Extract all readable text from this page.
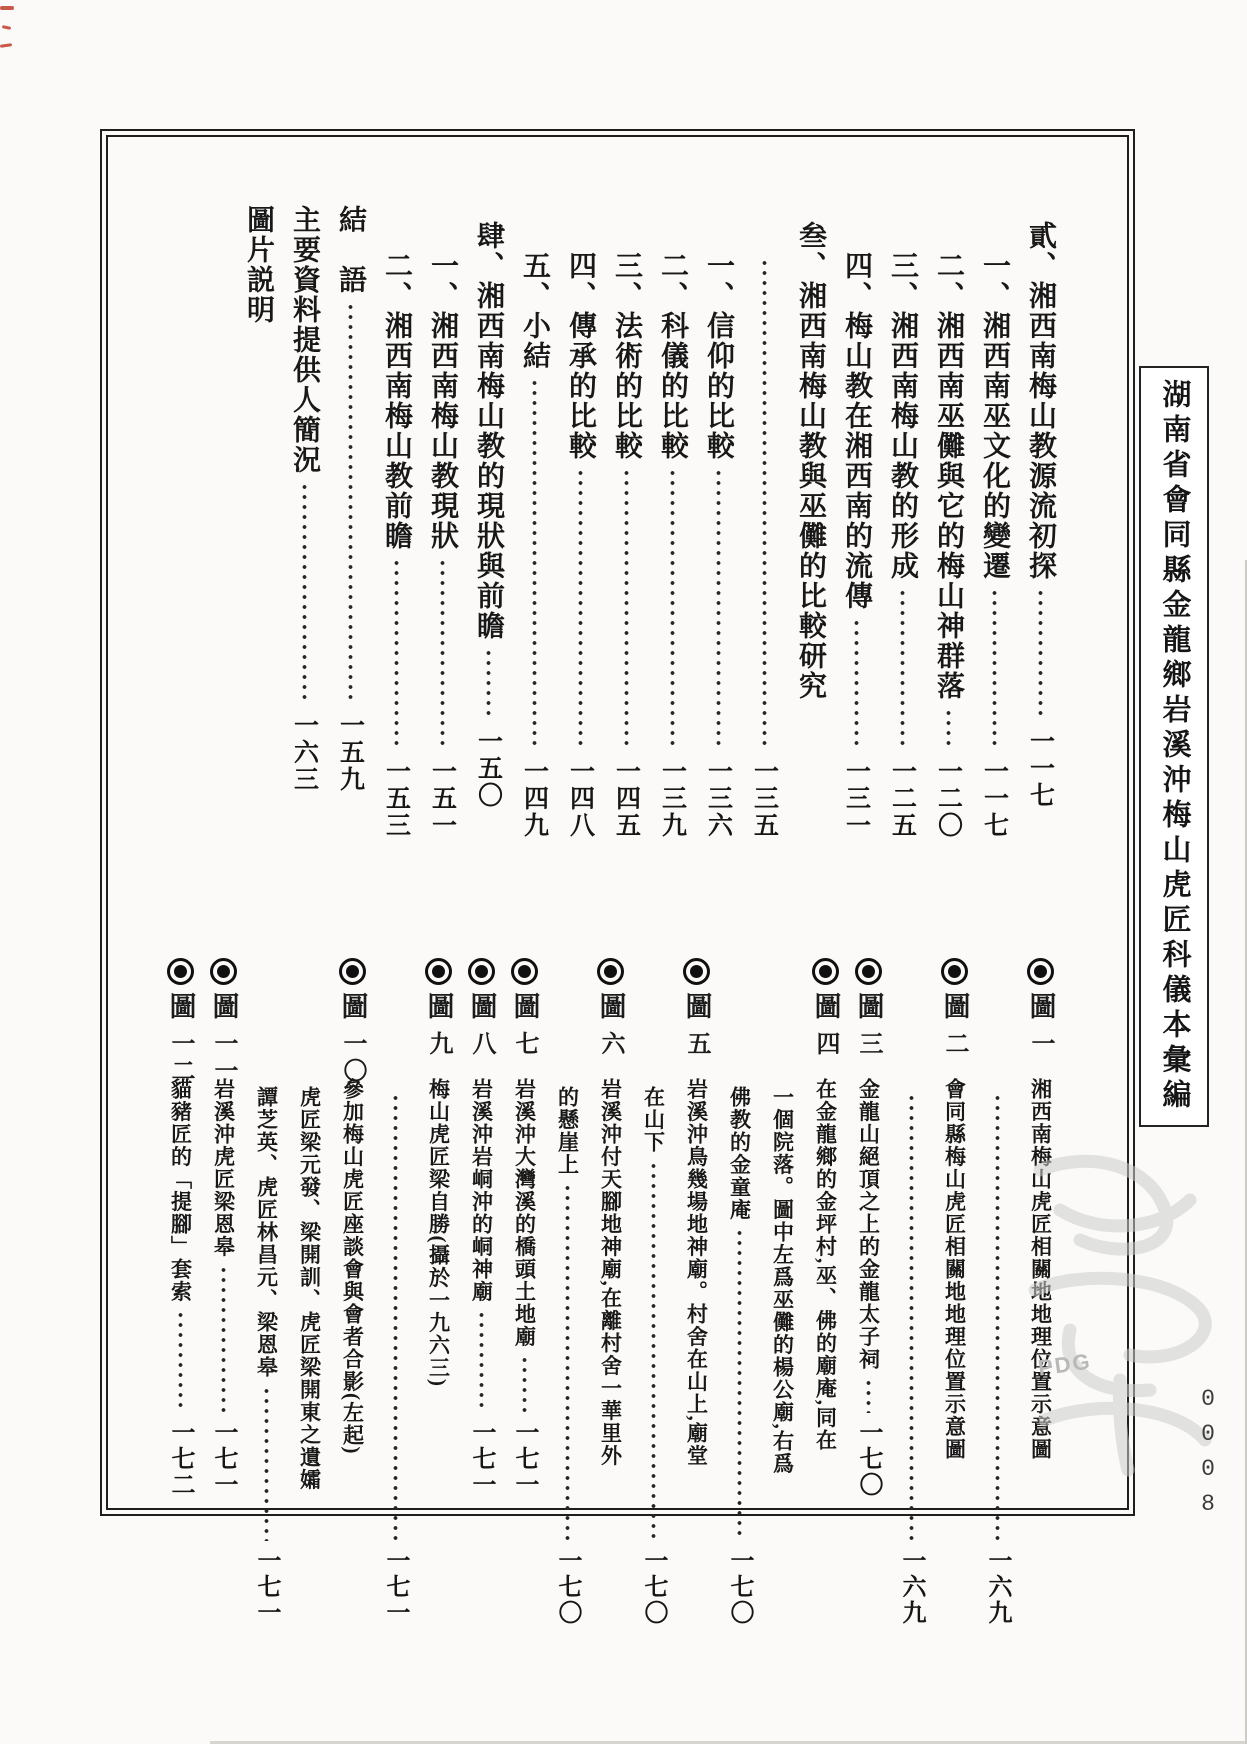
湖南省會同縣金龍鄉岩溪沖梅山虎匠科儀本彙編
貳、湘西南梅山教源流初探
一一七
一、湘西南巫文化的變遷
一一七
二、湘西南巫儺與它的梅山神群落
一二〇
三、湘西南梅山教的形成
一二五
四、梅山教在湘西南的流傳
一三一
叁、湘西南梅山教與巫儺的比較研究
一三五
一、信仰的比較
一三六
二、科儀的比較
一三九
三、法術的比較
一四五
四、傳承的比較
一四八
五、小結
一四九
肆、湘西南梅山教的現狀與前瞻
一五〇
一、湘西南梅山教現狀
一五一
二、湘西南梅山教前瞻
一五三
結　語
一五九
主要資料提供人簡況
一六三
圖片説明
圖
一
湘西南梅山虎匠相關地地理位置示意圖
一六九
圖
二
會同縣梅山虎匠相關地地理位置示意圖
一六九
圖
三
金龍山絕頂之上的金龍太子祠
一七〇
圖
四
在金龍鄉的金坪村,巫、佛的廟庵,同在
一個院落。圖中左爲巫儺的楊公廟,右爲
佛教的金童庵
一七〇
圖
五
岩溪沖鳥幾場地神廟。村舍在山上,廟堂
在山下
一七〇
圖
六
岩溪沖付天腳地神廟,在離村舍一華里外
的懸崖上
一七〇
圖
七
岩溪沖大灣溪的橋頭土地廟
一七一
圖
八
岩溪沖岩峒沖的峒神廟
一七一
圖
九
梅山虎匠梁自勝(攝於一九六三)
一七一
圖
一〇
參加梅山虎匠座談會與會者合影(左起)
虎匠梁元發、梁開訓、虎匠梁開東之遺孀
譚芝英、虎匠林昌元、梁恩皋
一七一
圖
一一
岩溪沖虎匠梁恩皋
一七一
圖
一二
貓豬匠的「提腳」套索
一七二
PDG
0008
